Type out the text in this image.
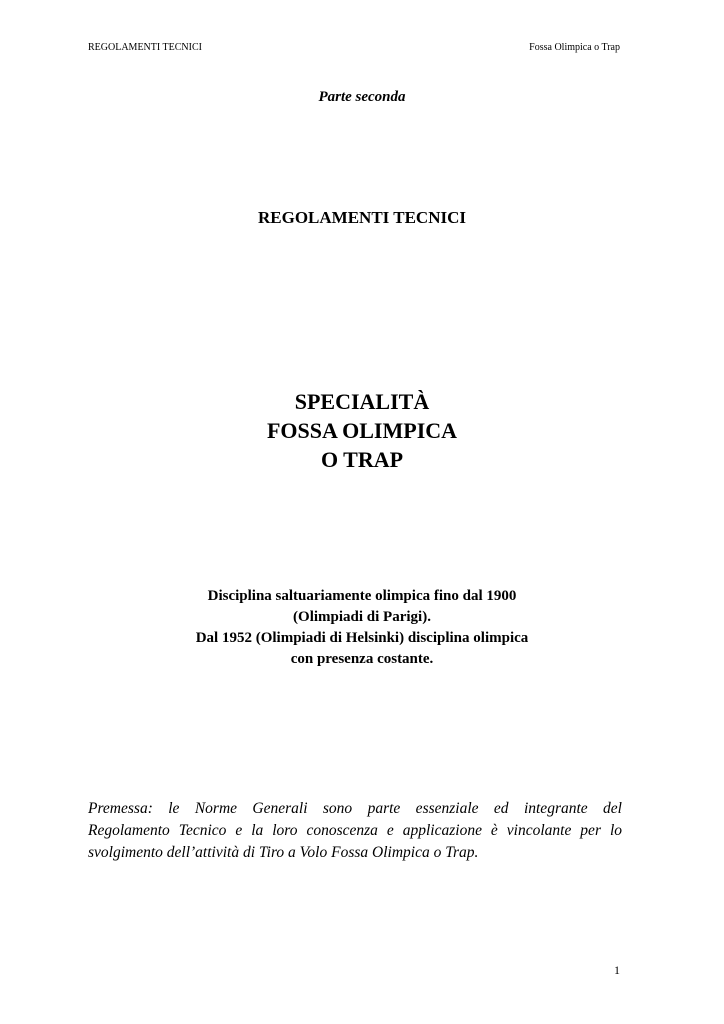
REGOLAMENTI TECNICI	Fossa Olimpica o Trap
Parte seconda
REGOLAMENTI TECNICI
SPECIALITÀ
FOSSA OLIMPICA
O TRAP
Disciplina saltuariamente olimpica fino dal 1900
(Olimpiadi di Parigi).
Dal 1952 (Olimpiadi di Helsinki) disciplina olimpica
con presenza costante.
Premessa: le Norme Generali sono parte essenziale ed integrante del
Regolamento Tecnico e la loro conoscenza e applicazione è vincolante per lo
svolgimento dell’attività di Tiro a Volo Fossa Olimpica o Trap.
1
